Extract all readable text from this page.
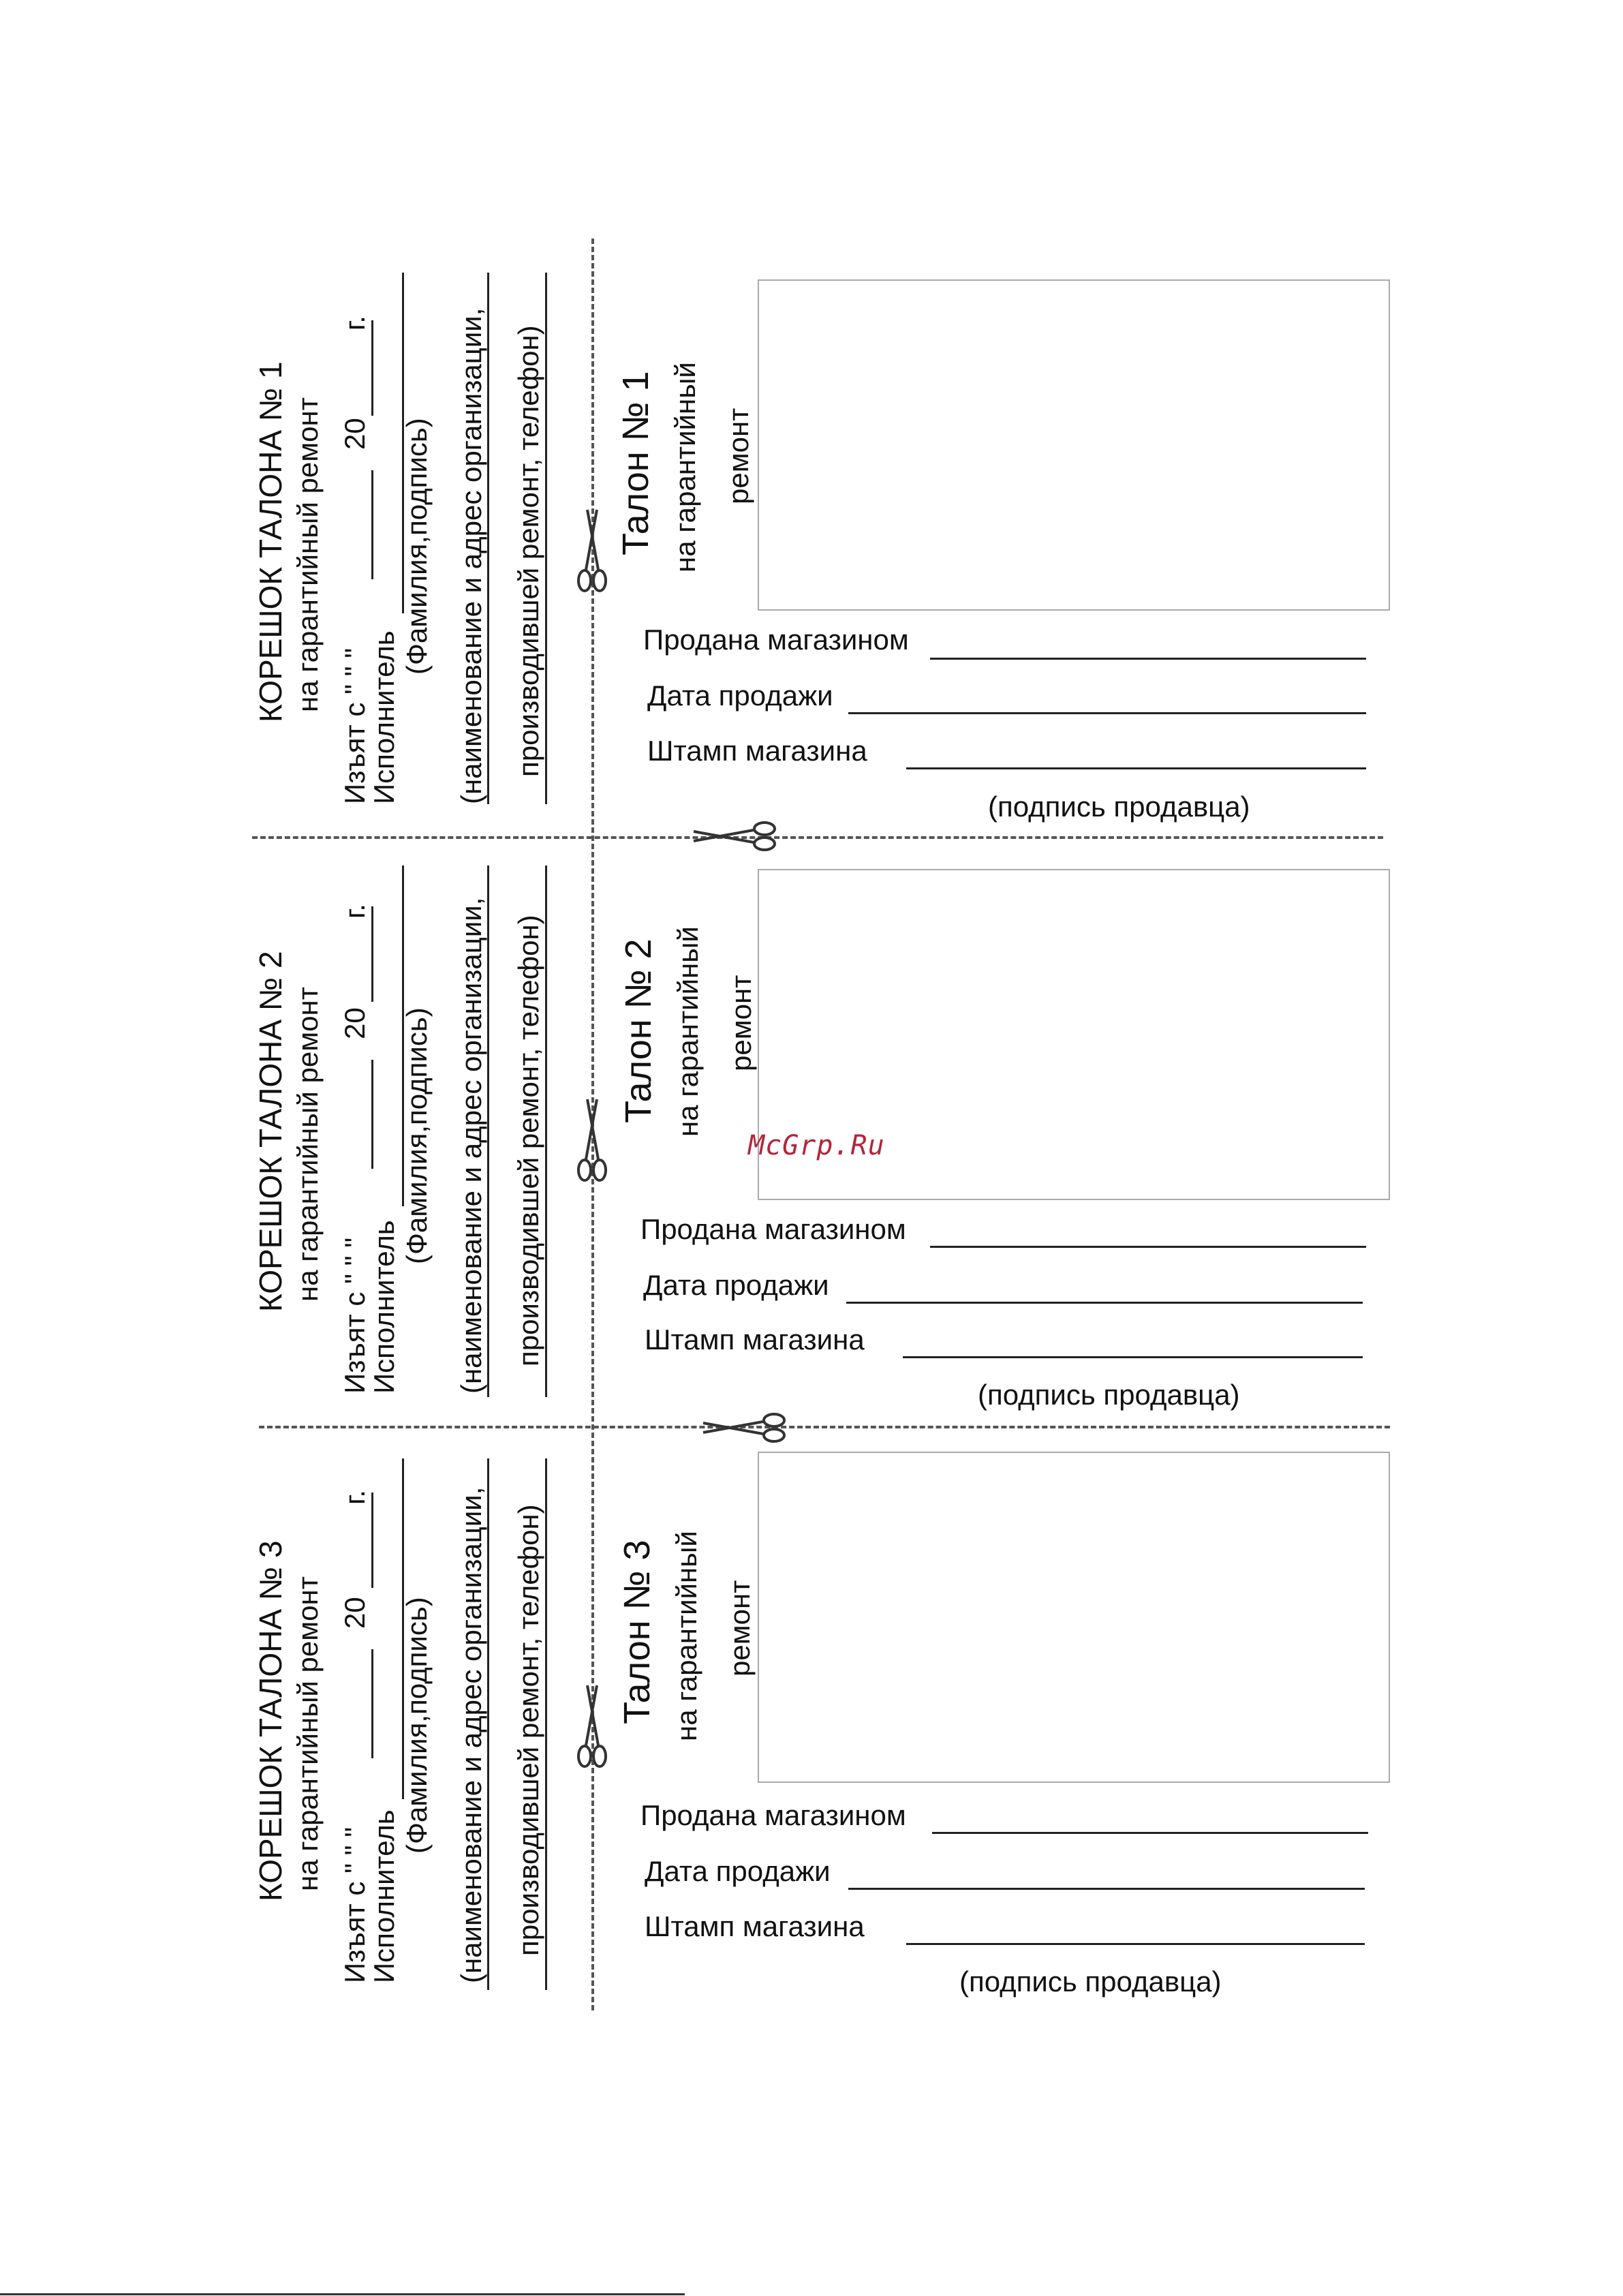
КОРЕШОК ТАЛОНА № 1 на гарантийный ремонт
Изъят с " " "
20
г.
Исполнитель
(Фамилия,подпись) (наименование и адрес организации, производившей ремонт, телефон)
КОРЕШОК ТАЛОНА № 2 на гарантийный ремонт
Изъят с " " "
20
г.
Исполнитель
(Фамилия,подпись) (наименование и адрес организации, производившей ремонт, телефон)
КОРЕШОК ТАЛОНА № 3 на гарантийный ремонт
Изъят с " " "
20
г.
Исполнитель
(Фамилия,подпись) (наименование и адрес организации, производившей ремонт, телефон)
Талон № 1 на гарантийный ремонт
Продана магазином
Дата продажи
Штамп магазина
(подпись продавца)
Талон № 2 на гарантийный ремонт
Продана магазином
Дата продажи
Штамп магазина
(подпись продавца)
Талон № 3 на гарантийный ремонт
Продана магазином
Дата продажи
Штамп магазина
(подпись продавца)
McGrp.Ru
